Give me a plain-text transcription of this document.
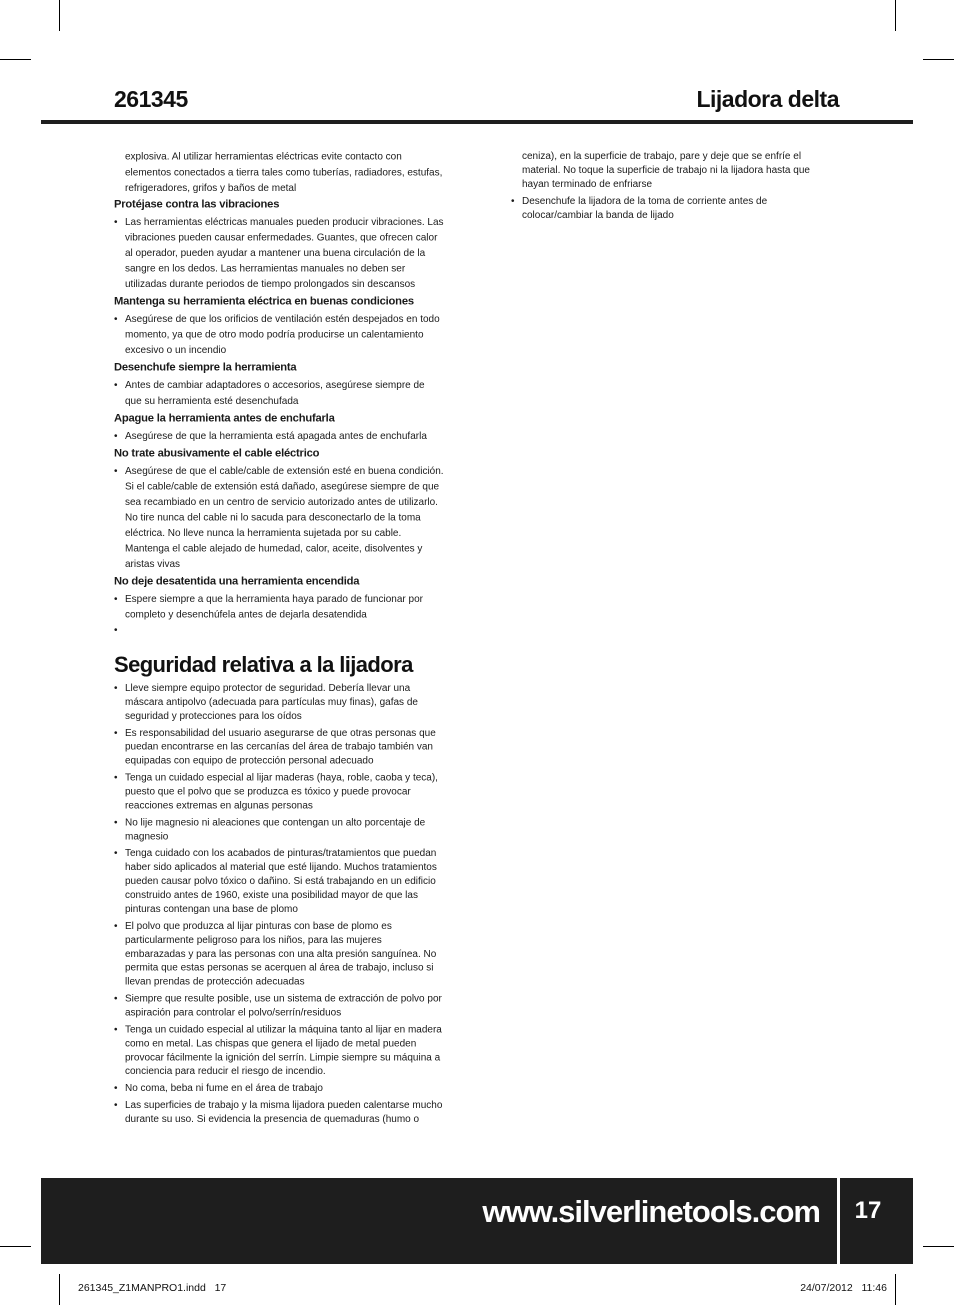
261345	Lijadora delta

explosiva. Al utilizar herramientas eléctricas evite contacto con elementos conectados a tierra tales como tuberías, radiadores, estufas, refrigeradores, grifos y baños de metal

Protéjase contra las vibraciones
• Las herramientas eléctricas manuales pueden producir vibraciones. Las vibraciones pueden causar enfermedades. Guantes, que ofrecen calor al operador, pueden ayudar a mantener una buena circulación de la sangre en los dedos. Las herramientas manuales no deben ser utilizadas durante periodos de tiempo prolongados sin descansos
Mantenga su herramienta eléctrica en buenas condiciones
• Asegúrese de que los orificios de ventilación estén despejados en todo momento, ya que de otro modo podría producirse un calentamiento excesivo o un incendio
Desenchufe siempre la herramienta
• Antes de cambiar adaptadores o accesorios, asegúrese siempre de que su herramienta esté desenchufada
Apague la herramienta antes de enchufarla
• Asegúrese de que la herramienta está apagada antes de enchufarla
No trate abusivamente el cable eléctrico
• Asegúrese de que el cable/cable de extensión esté en buena condición. Si el cable/cable de extensión está dañado, asegúrese siempre de que sea recambiado en un centro de servicio autorizado antes de utilizarlo. No tire nunca del cable ni lo sacuda para desconectarlo de la toma eléctrica. No lleve nunca la herramienta sujetada por su cable. Mantenga el cable alejado de humedad, calor, aceite, disolventes y aristas vivas
No deje desatentida una herramienta encendida
• Espere siempre a que la herramienta haya parado de funcionar por completo y desenchúfela antes de dejarla desatendida
•
Seguridad relativa a la lijadora
• Lleve siempre equipo protector de seguridad. Debería llevar una máscara antipolvo (adecuada para partículas muy finas), gafas de seguridad y protecciones para los oídos
• Es responsabilidad del usuario asegurarse de que otras personas que puedan encontrarse en las cercanías del área de trabajo también van equipadas con equipo de protección personal adecuado
• Tenga un cuidado especial al lijar maderas (haya, roble, caoba y teca), puesto que el polvo que se produzca es tóxico y puede provocar reacciones extremas en algunas personas
• No lije magnesio ni aleaciones que contengan un alto porcentaje de magnesio
• Tenga cuidado con los acabados de pinturas/tratamientos que puedan haber sido aplicados al material que esté lijando. Muchos tratamientos pueden causar polvo tóxico o dañino. Si está trabajando en un edificio construido antes de 1960, existe una posibilidad mayor de que las pinturas contengan una base de plomo
• El polvo que produzca al lijar pinturas con base de plomo es particularmente peligroso para los niños, para las mujeres embarazadas y para las personas con una alta presión sanguínea. No permita que estas personas se acerquen al área de trabajo, incluso si llevan prendas de protección adecuadas
• Siempre que resulte posible, use un sistema de extracción de polvo por aspiración para controlar el polvo/serrín/residuos
• Tenga un cuidado especial al utilizar la máquina tanto al lijar en madera como en metal. Las chispas que genera el lijado de metal pueden provocar fácilmente la ignición del serrín. Limpie siempre su máquina a conciencia para reducir el riesgo de incendio.
• No coma, beba ni fume en el área de trabajo
• Las superficies de trabajo y la misma lijadora pueden calentarse mucho durante su uso. Si evidencia la presencia de quemaduras (humo o
ceniza), en la superficie de trabajo, pare y deje que se enfríe el material. No toque la superficie de trabajo ni la lijadora hasta que hayan terminado de enfriarse
• Desenchufe la lijadora de la toma de corriente antes de colocar/cambiar la banda de lijado
www.silverlinetools.com	17
261345_Z1MANPRO1.indd   17	24/07/2012   11:46
